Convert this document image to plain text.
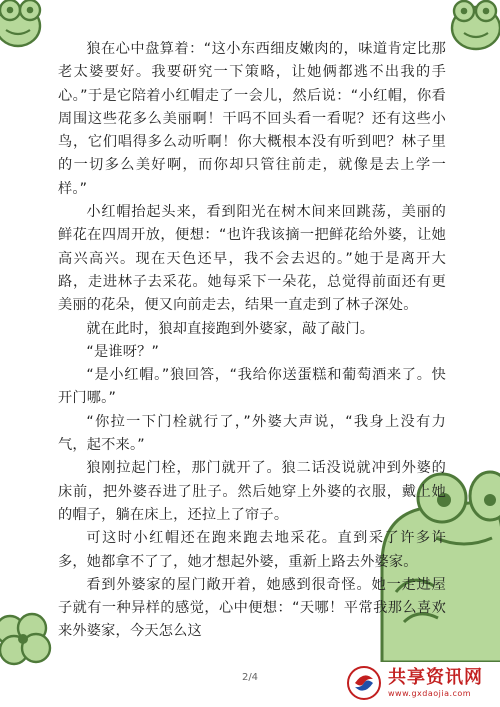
狼在心中盘算着：“这小东西细皮嫩肉的，味道肯定比那老太婆要好。我要研究一下策略，让她俩都逃不出我的手心。”于是它陪着小红帽走了一会儿，然后说：“小红帽，你看周围这些花多么美丽啊！干吗不回头看一看呢？还有这些小鸟，它们唱得多么动听啊！你大概根本没有听到吧？林子里的一切多么美好啊，而你却只管往前走，就像是去上学一样。”

小红帽抬起头来，看到阳光在树木间来回跳荡，美丽的鲜花在四周开放，便想：“也许我该摘一把鲜花给外婆，让她高兴高兴。现在天色还早，我不会去迟的。”她于是离开大路，走进林子去采花。她每采下一朵花，总觉得前面还有更美丽的花朵，便又向前走去，结果一直走到了林子深处。

就在此时，狼却直接跑到外婆家，敲了敲门。

“是谁呀？”

“是小红帽。”狼回答，“我给你送蛋糕和葡萄酒来了。快开门哪。”

“你拉一下门栓就行了，”外婆大声说，“我身上没有力气，起不来。”

狼刚拉起门栓，那门就开了。狼二话没说就冲到外婆的床前，把外婆吞进了肚子。然后她穿上外婆的衣服，戴上她的帽子，躺在床上，还拉上了帘子。

可这时小红帽还在跑来跑去地采花。直到采了许多许多，她都拿不了了，她才想起外婆，重新上路去外婆家。

看到外婆家的屋门敞开着，她感到很奇怪。她一走进屋子就有一种异样的感觉，心中便想：“天哪！平常我那么喜欢来外婆家，今天怎么这

2/4	共享资讯网
www.gxdaojia.com
